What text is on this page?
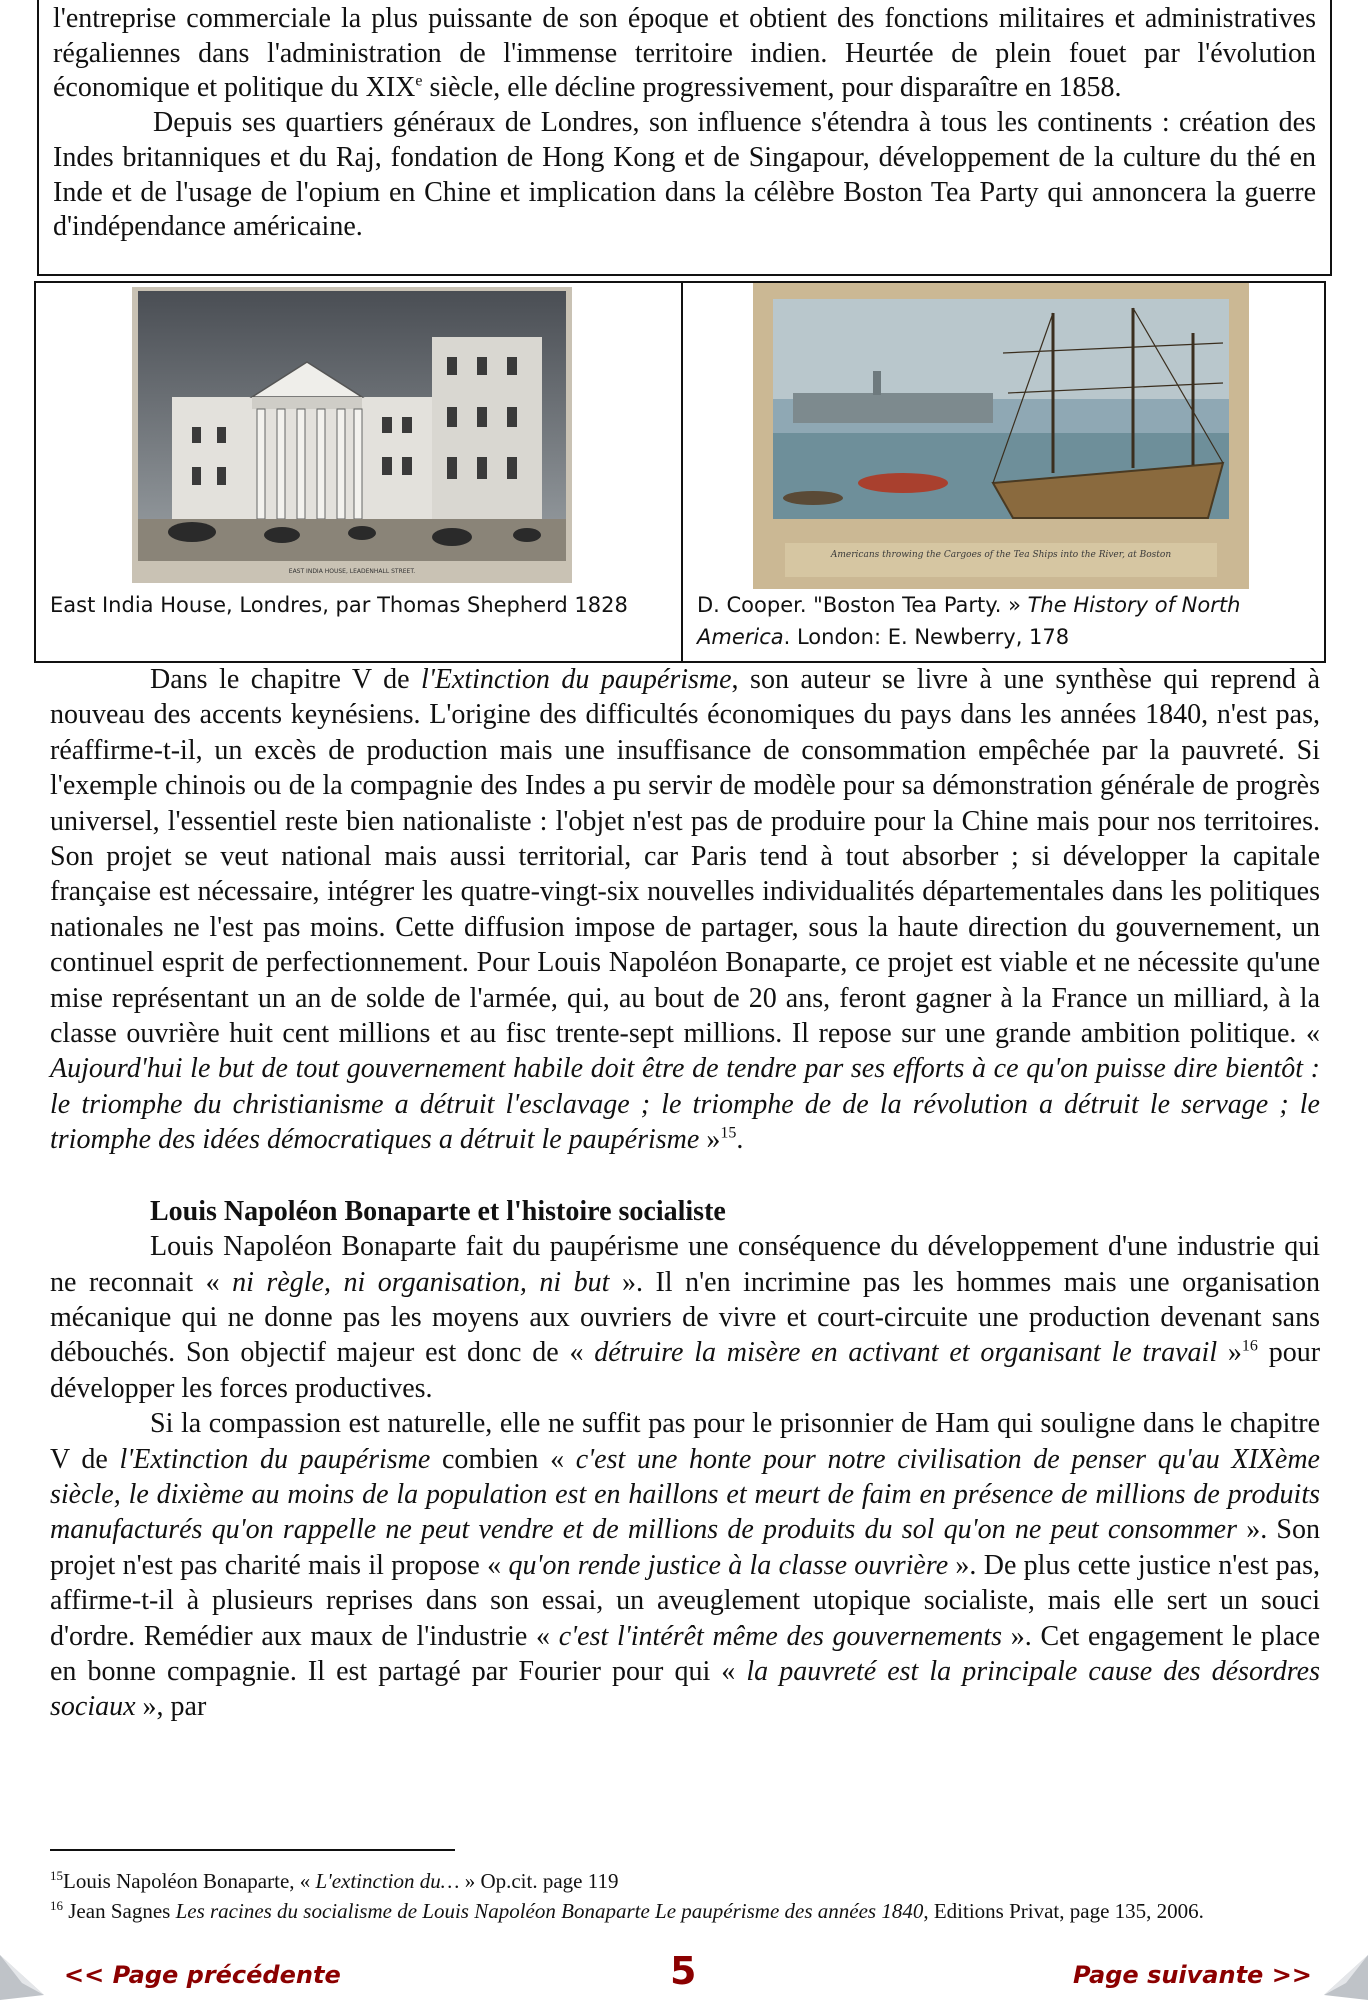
l'entreprise commerciale la plus puissante de son époque et obtient des fonctions militaires et administratives régaliennes dans l'administration de l'immense territoire indien. Heurtée de plein fouet par l'évolution économique et politique du XIXe siècle, elle décline progressivement, pour disparaître en 1858.

Depuis ses quartiers généraux de Londres, son influence s'étendra à tous les continents : création des Indes britanniques et du Raj, fondation de Hong Kong et de Singapour, développement de la culture du thé en Inde et de l'usage de l'opium en Chine et implication dans la célèbre Boston Tea Party qui annoncera la guerre d'indépendance américaine.

EAST INDIA HOUSE, LEADENHALL STREET.
East India House, Londres, par Thomas Shepherd 1828
Americans throwing the Cargoes of the Tea Ships into the River, at Boston
D. Cooper. "Boston Tea Party. » The History of North America. London: E. Newberry, 178

Dans le chapitre V de l'Extinction du paupérisme, son auteur se livre à une synthèse qui reprend à nouveau des accents keynésiens. L'origine des difficultés économiques du pays dans les années 1840, n'est pas, réaffirme-t-il, un excès de production mais une insuffisance de consommation empêchée par la pauvreté. Si l'exemple chinois ou de la compagnie des Indes a pu servir de modèle pour sa démonstration générale de progrès universel, l'essentiel reste bien nationaliste : l'objet n'est pas de produire pour la Chine mais pour nos territoires. Son projet se veut national mais aussi territorial, car Paris tend à tout absorber ; si développer la capitale française est nécessaire, intégrer les quatre-vingt-six nouvelles individualités départementales dans les politiques nationales ne l'est pas moins. Cette diffusion impose de partager, sous la haute direction du gouvernement, un continuel esprit de perfectionnement. Pour Louis Napoléon Bonaparte, ce projet est viable et ne nécessite qu'une mise représentant un an de solde de l'armée, qui, au bout de 20 ans, feront gagner à la France un milliard, à la classe ouvrière huit cent millions et au fisc trente-sept millions. Il repose sur une grande ambition politique. « Aujourd'hui le but de tout gouvernement habile doit être de tendre par ses efforts à ce qu'on puisse dire bientôt : le triomphe du christianisme a détruit l'esclavage ; le triomphe de de la révolution a détruit le servage ; le triomphe des idées démocratiques a détruit le paupérisme »$^{15}$.

Louis Napoléon Bonaparte et l'histoire socialiste

Louis Napoléon Bonaparte fait du paupérisme une conséquence du développement d'une industrie qui ne reconnait « ni règle, ni organisation, ni but ». Il n'en incrimine pas les hommes mais une organisation mécanique qui ne donne pas les moyens aux ouvriers de vivre et court-circuite une production devenant sans débouchés. Son objectif majeur est donc de « détruire la misère en activant et organisant le travail »$^{16}$ pour développer les forces productives.

Si la compassion est naturelle, elle ne suffit pas pour le prisonnier de Ham qui souligne dans le chapitre V de l'Extinction du paupérisme combien « c'est une honte pour notre civilisation de penser qu'au XIXème siècle, le dixième au moins de la population est en haillons et meurt de faim en présence de millions de produits manufacturés qu'on rappelle ne peut vendre et de millions de produits du sol qu'on ne peut consommer ». Son projet n'est pas charité mais il propose « qu'on rende justice à la classe ouvrière ». De plus cette justice n'est pas, affirme-t-il à plusieurs reprises dans son essai, un aveuglement utopique socialiste, mais elle sert un souci d'ordre. Remédier aux maux de l'industrie « c'est l'intérêt même des gouvernements ». Cet engagement le place en bonne compagnie. Il est partagé par Fourier pour qui « la pauvreté est la principale cause des désordres sociaux », par

$^{15}$Louis Napoléon Bonaparte, « L'extinction du… » Op.cit. page 119

$^{16}$ Jean Sagnes Les racines du socialisme de Louis Napoléon Bonaparte Le paupérisme des années 1840, Editions Privat, page 135, 2006.

<< Page précédente	5	Page suivante >>
